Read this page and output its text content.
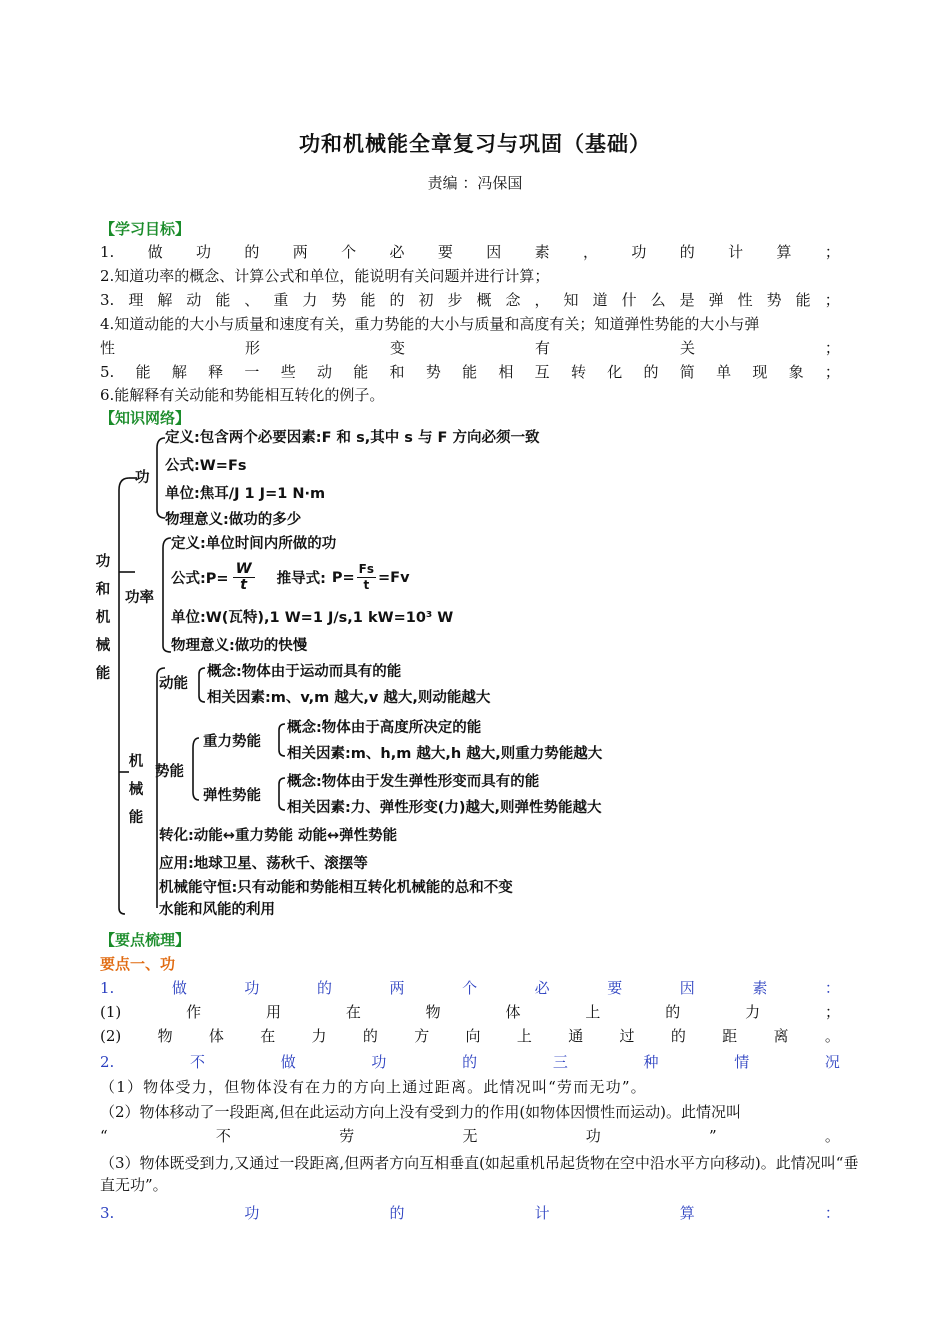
功和机械能全章复习与巩固（基础）
责编 ：冯保国
【学习目标】
1. 做 功 的 两 个 必 要 因 素 ， 功 的 计 算 ；
2.知道功率的概念、计算公式和单位，能说明有关问题并进行计算；
3. 理 解 动 能 、 重 力 势 能 的 初 步 概 念 ， 知 道 什 么 是 弹 性 势 能 ；
4.知道动能的大小与质量和速度有关，重力势能的大小与质量和高度有关；知道弹性势能的大小与弹
性	形	变	有	关	；
5. 能 解 释 一 些 动 能 和 势 能 相 互 转 化 的 简 单 现 象 ；
6.能解释有关动能和势能相互转化的例子。
【知识网络】
功
和
机
械
能
功
定义:包含两个必要因素:F 和 s,其中 s 与 F 方向必须一致
公式:W=Fs
单位:焦耳/J 1 J=1 N·m
物理意义:做功的多少
功率
定义:单位时间内所做的功
公式:P= $\frac{W}{t}$ 推导式: $P= \frac{Fs}{t} =Fv$
单位:W(瓦特),1 W=1 J/s,1 kW=10³ W
物理意义:做功的快慢
机
械
能
动能
概念:物体由于运动而具有的能
相关因素:m、v,m 越大,v 越大,则动能越大
势能
重力势能
概念:物体由于高度所决定的能
相关因素:m、h,m 越大,h 越大,则重力势能越大
弹性势能
概念:物体由于发生弹性形变而具有的能
相关因素:力、弹性形变(力)越大,则弹性势能越大
转化:动能↔重力势能 动能↔弹性势能
应用:地球卫星、荡秋千、滚摆等
机械能守恒:只有动能和势能相互转化机械能的总和不变
水能和风能的利用
【要点梳理】
要点一、功
1.	做	功	的	两	个	必	要	因	素	：
(1)	作	用	在	物	体	上	的	力	；
(2) 物 体 在 力 的 方 向 上 通 过 的 距 离 。
2.	不	做	功	的	三	种	情	况
（1）物体受力，但物体没有在力的方向上通过距离。此情况叫“劳而无功”。
（2）物体移动了一段距离,但在此运动方向上没有受到力的作用(如物体因惯性而运动)。此情况叫
“	不	劳	无	功	”	。
（3）物体既受到力,又通过一段距离,但两者方向互相垂直(如起重机吊起货物在空中沿水平方向移动)。此情况叫“垂直无功”。
3.	功	的	计	算	：
